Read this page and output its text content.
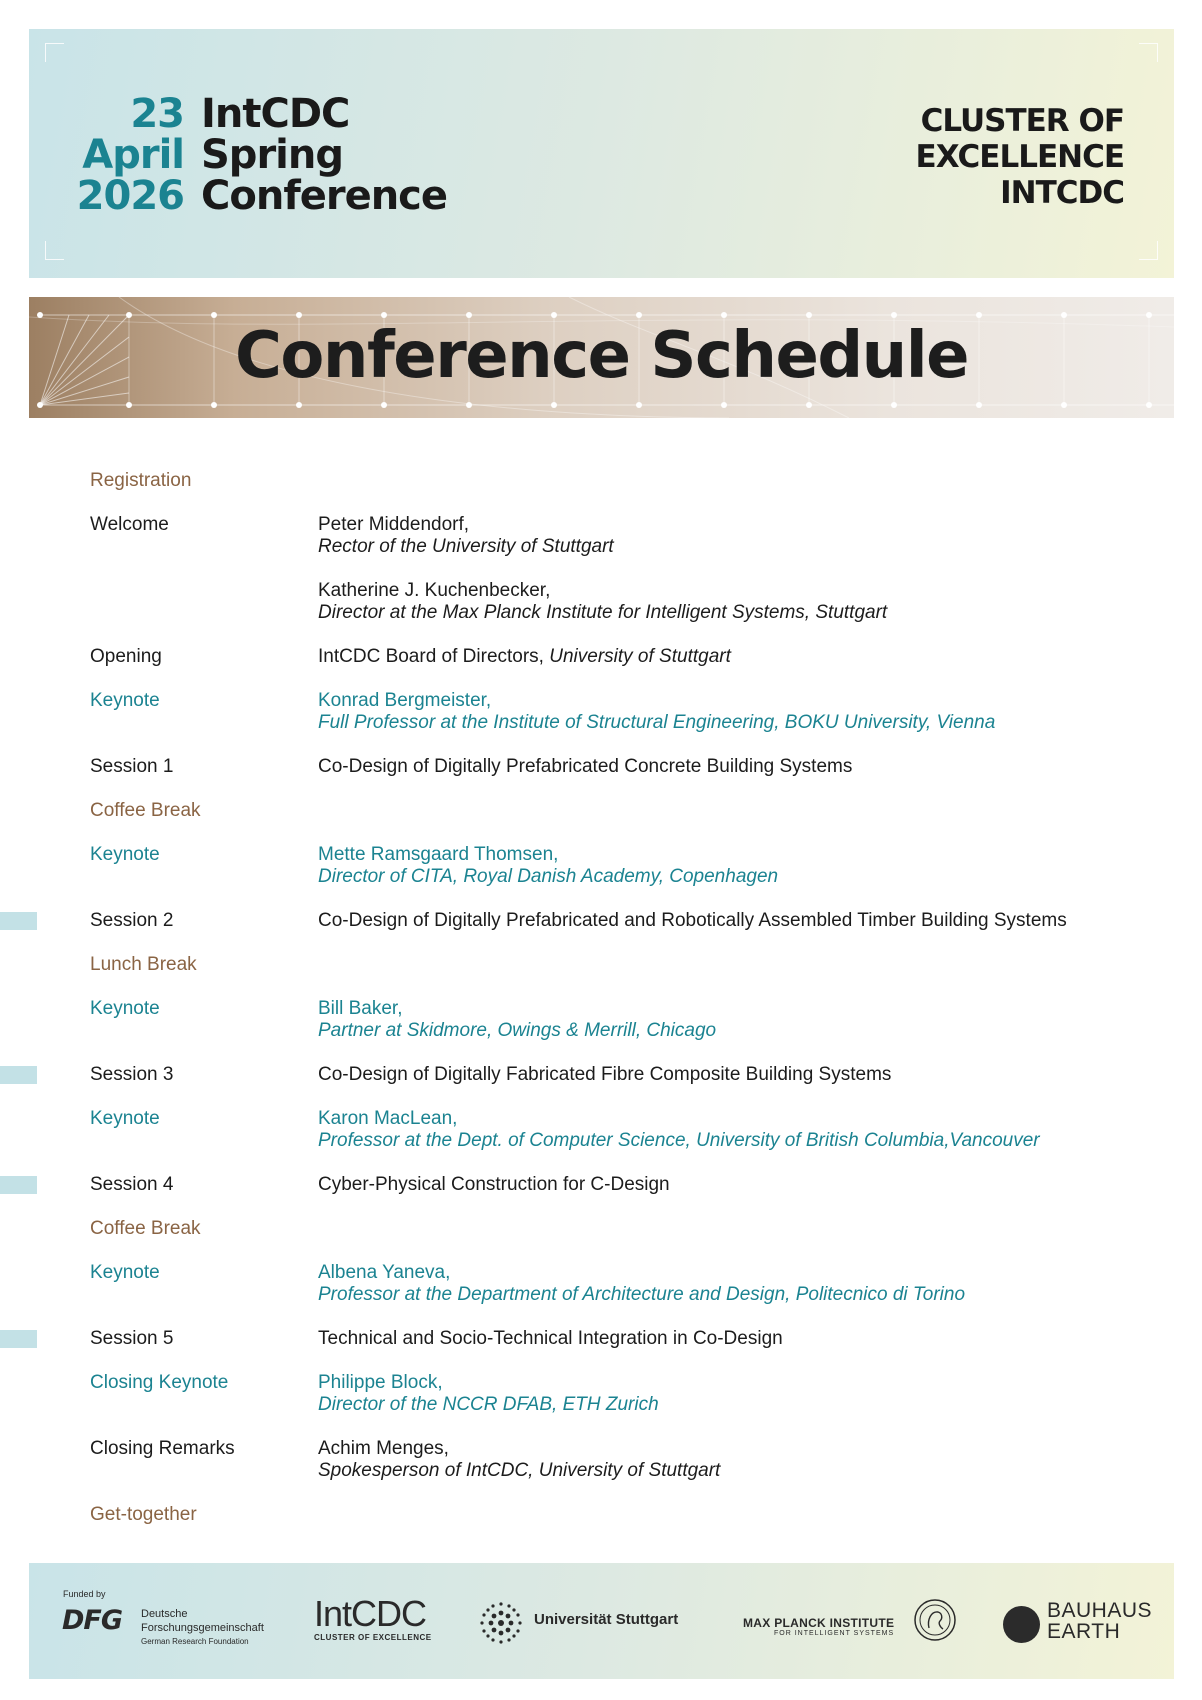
23
April
2026
IntCDC
Spring
Conference
CLUSTER OF
EXCELLENCE
INTCDC
Conference Schedule
Registration
Welcome	Peter Middendorf,
Rector of the University of Stuttgart
Katherine J. Kuchenbecker,
Director at the Max Planck Institute for Intelligent Systems, Stuttgart
Opening	IntCDC Board of Directors, University of Stuttgart
Keynote	Konrad Bergmeister,
Full Professor at the Institute of Structural Engineering, BOKU University, Vienna
Session 1	Co-Design of Digitally Prefabricated Concrete Building Systems
Coffee Break
Keynote	Mette Ramsgaard Thomsen,
Director of CITA, Royal Danish Academy, Copenhagen
Session 2	Co-Design of Digitally Prefabricated and Robotically Assembled Timber Building Systems
Lunch Break
Keynote	Bill Baker,
Partner at Skidmore, Owings & Merrill, Chicago
Session 3	Co-Design of Digitally Fabricated Fibre Composite Building Systems
Keynote	Karon MacLean,
Professor at the Dept. of Computer Science, University of British Columbia,Vancouver
Session 4	Cyber-Physical Construction for C-Design
Coffee Break
Keynote	Albena Yaneva,
Professor at the Department of Architecture and Design, Politecnico di Torino
Session 5	Technical and Socio-Technical Integration in Co-Design
Closing Keynote	Philippe Block,
Director of the NCCR DFAB, ETH Zurich
Closing Remarks	Achim Menges,
Spokesperson of IntCDC, University of Stuttgart
Get-together
Funded by
DFG Deutsche
Forschungsgemeinschaft
German Research Foundation
IntCDC
CLUSTER OF EXCELLENCE
Universität Stuttgart	MAX PLANCK INSTITUTE
FOR INTELLIGENT SYSTEMS
BAUHAUS
EARTH
